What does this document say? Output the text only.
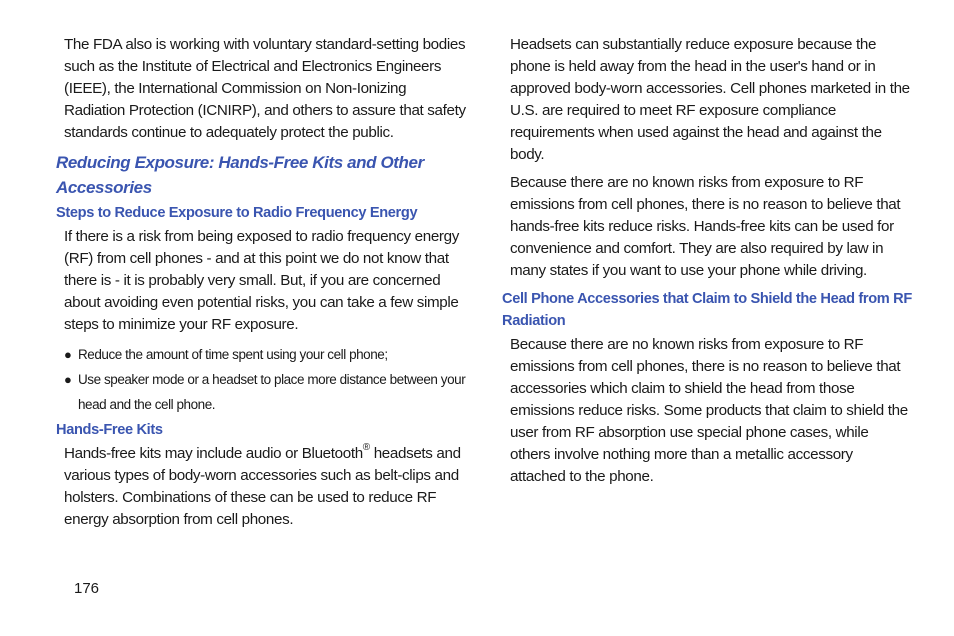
The FDA also is working with voluntary standard-setting bodies such as the Institute of Electrical and Electronics Engineers (IEEE), the International Commission on Non-Ionizing Radiation Protection (ICNIRP), and others to assure that safety standards continue to adequately protect the public.

Reducing Exposure: Hands-Free Kits and Other Accessories
Steps to Reduce Exposure to Radio Frequency Energy

If there is a risk from being exposed to radio frequency energy (RF) from cell phones - and at this point we do not know that there is - it is probably very small. But, if you are concerned about avoiding even potential risks, you can take a few simple steps to minimize your RF exposure.

● Reduce the amount of time spent using your cell phone;
● Use speaker mode or a headset to place more distance between your head and the cell phone.
Hands-Free Kits

Hands-free kits may include audio or Bluetooth® headsets and various types of body-worn accessories such as belt-clips and holsters. Combinations of these can be used to reduce RF energy absorption from cell phones.

Headsets can substantially reduce exposure because the phone is held away from the head in the user's hand or in approved body-worn accessories. Cell phones marketed in the U.S. are required to meet RF exposure compliance requirements when used against the head and against the body.

Because there are no known risks from exposure to RF emissions from cell phones, there is no reason to believe that hands-free kits reduce risks. Hands-free kits can be used for convenience and comfort. They are also required by law in many states if you want to use your phone while driving.

Cell Phone Accessories that Claim to Shield the Head from RF Radiation

Because there are no known risks from exposure to RF emissions from cell phones, there is no reason to believe that accessories which claim to shield the head from those emissions reduce risks. Some products that claim to shield the user from RF absorption use special phone cases, while others involve nothing more than a metallic accessory attached to the phone.

176
